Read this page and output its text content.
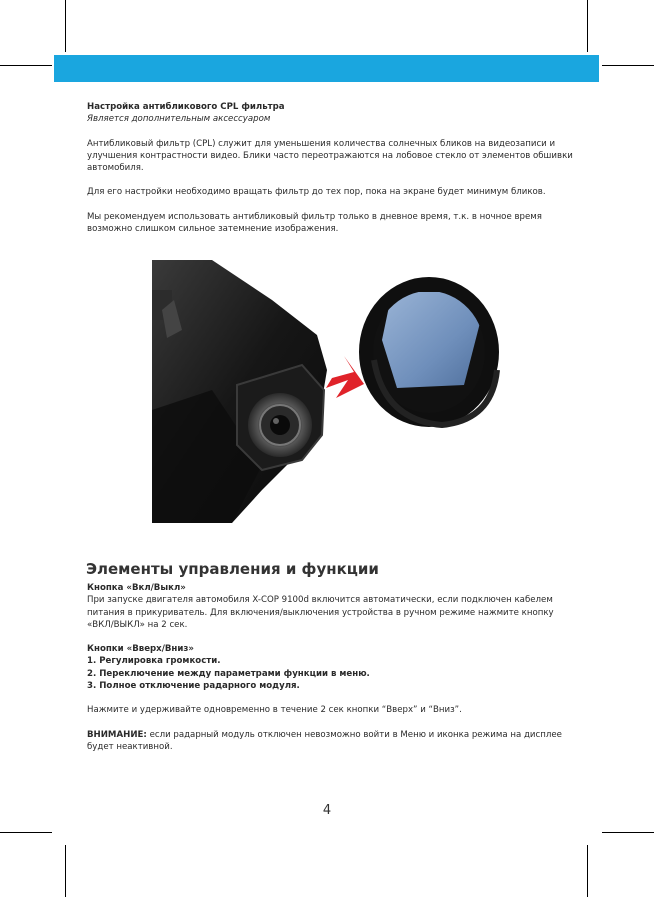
Настройка антибликового CPL фильтра

Является дополнительным аксессуаром

Антибликовый фильтр (CPL) служит для уменьшения количества солнечных бликов на видеозаписи и улучшения контрастности видео. Блики часто переотражаются на лобовое стекло от элементов обшивки автомобиля.

Для его настройки необходимо вращать фильтр до тех пор, пока на экране будет минимум бликов.

Мы рекомендуем использовать антибликовый фильтр только в дневное время, т.к. в ночное время возможно слишком сильное затемнение изображения.

Элементы управления и функции

Кнопка «Вкл/Выкл»

При запуске двигателя автомобиля X-COP 9100d включится автоматически, если подключен кабелем питания в прикуриватель. Для включения/выключения устройства в ручном режиме нажмите кнопку «ВКЛ/ВЫКЛ» на 2 сек.

Кнопки «Вверх/Вниз»

1. Регулировка громкости.

2. Переключение между параметрами функции в меню.

3. Полное отключение радарного модуля.

Нажмите и удерживайте одновременно в течение 2 сек кнопки “Вверх” и “Вниз”.

ВНИМАНИЕ: если радарный модуль отключен невозможно войти в Меню и иконка режима на дисплее будет неактивной.

4
